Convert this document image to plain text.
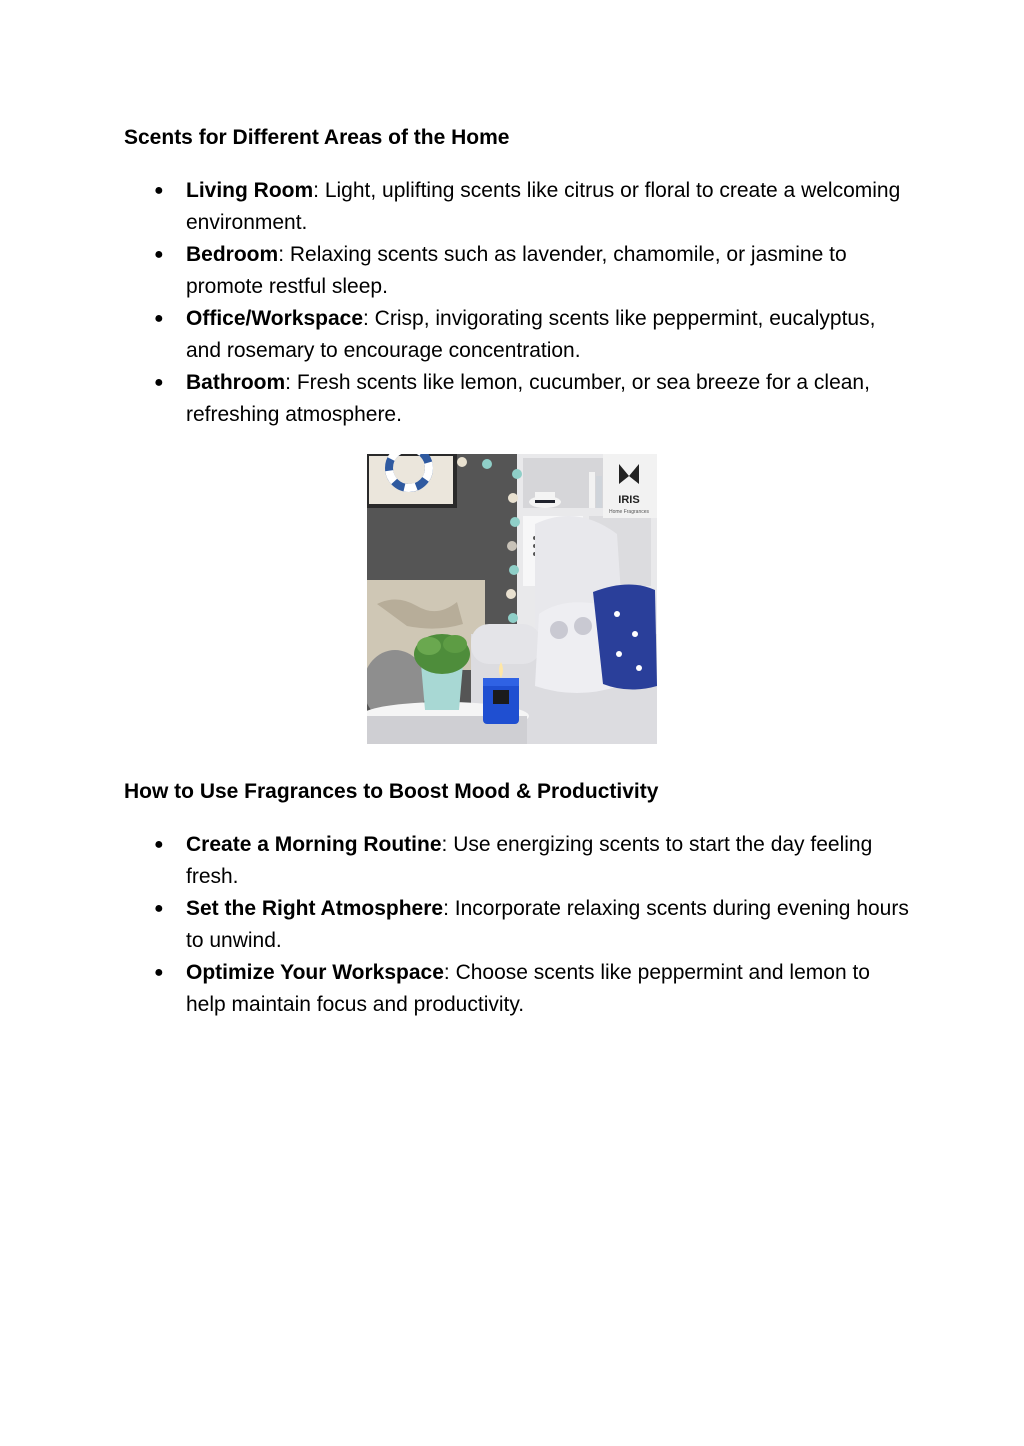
Scents for Different Areas of the Home
● Living Room: Light, uplifting scents like citrus or floral to create a welcoming environment.
● Bedroom: Relaxing scents such as lavender, chamomile, or jasmine to promote restful sleep.
● Office/Workspace: Crisp, invigorating scents like peppermint, eucalyptus, and rosemary to encourage concentration.
● Bathroom: Fresh scents like lemon, cucumber, or sea breeze for a clean, refreshing atmosphere.
IRIS
Home Fragrances
How to Use Fragrances to Boost Mood & Productivity
● Create a Morning Routine: Use energizing scents to start the day feeling fresh.
● Set the Right Atmosphere: Incorporate relaxing scents during evening hours to unwind.
● Optimize Your Workspace: Choose scents like peppermint and lemon to help maintain focus and productivity.
